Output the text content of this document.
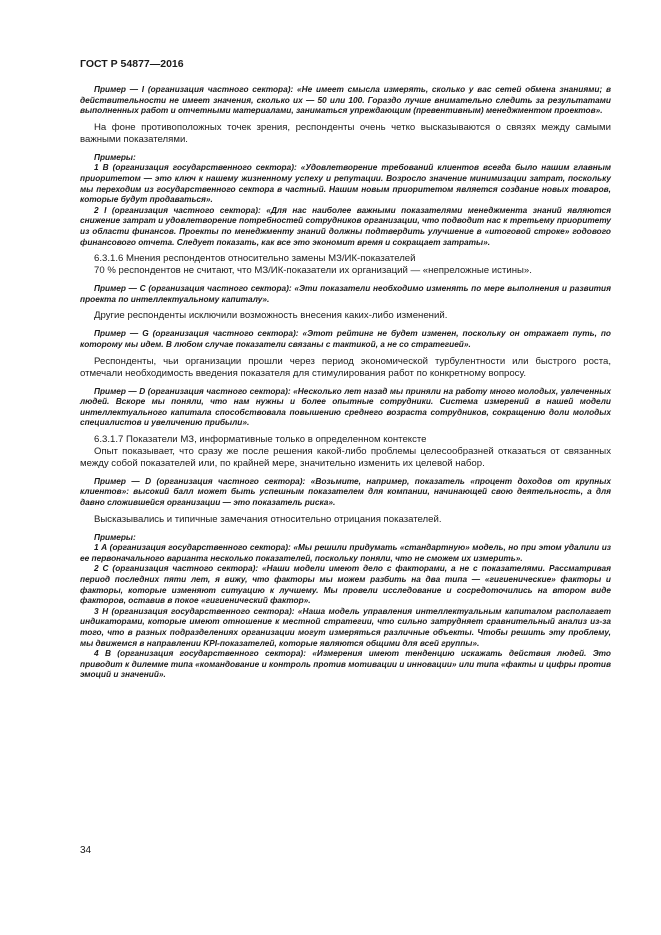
ГОСТ Р 54877—2016

Пример — I (организация частного сектора): «Не имеет смысла измерять, сколько у вас сетей обмена знаниями; в действительности не имеет значения, сколько их — 50 или 100. Гораздо лучше внимательно следить за результатами выполненных работ и отчетными материалами, заниматься упреждающим (превентивным) менеджментом проектов».

На фоне противоположных точек зрения, респонденты очень четко высказываются о связях между самыми важными показателями.

Примеры:

1 В (организация государственного сектора): «Удовлетворение требований клиентов всегда было нашим главным приоритетом — это ключ к нашему жизненному успеху и репутации. Возросло значение минимизации затрат, поскольку мы переходим из государственного сектора в частный. Нашим новым приоритетом является создание новых товаров, которые будут продаваться».

2 I (организация частного сектора): «Для нас наиболее важными показателями менеджмента знаний являются снижение затрат и удовлетворение потребностей сотрудников организации, что подводит нас к третьему приоритету из области финансов. Проекты по менеджменту знаний должны подтвердить улучшение в «итоговой строке» годового финансового отчета. Следует показать, как все это экономит время и сокращает затраты».

6.3.1.6 Мнения респондентов относительно замены МЗ/ИК-показателей

70 % респондентов не считают, что МЗ/ИК-показатели их организаций — «непреложные истины».

Пример — С (организация частного сектора): «Эти показатели необходимо изменять по мере выполнения и развития проекта по интеллектуальному капиталу».

Другие респонденты исключили возможность внесения каких-либо изменений.

Пример — G (организация частного сектора): «Этот рейтинг не будет изменен, поскольку он отражает путь, по которому мы идем. В любом случае показатели связаны с тактикой, а не со стратегией».

Респонденты, чьи организации прошли через период экономической турбулентности или быстрого роста, отмечали необходимость введения показателя для стимулирования работ по конкретному вопросу.

Пример — D (организация частного сектора): «Несколько лет назад мы приняли на работу много молодых, увлеченных людей. Вскоре мы поняли, что нам нужны и более опытные сотрудники. Система измерений в нашей модели интеллектуального капитала способствовала повышению среднего возраста сотрудников, сокращению доли молодых специалистов и увеличению прибыли».

6.3.1.7 Показатели МЗ, информативные только в определенном контексте

Опыт показывает, что сразу же после решения какой-либо проблемы целесообразней отказаться от связанных между собой показателей или, по крайней мере, значительно изменить их целевой набор.

Пример — D (организация частного сектора): «Возьмите, например, показатель «процент доходов от крупных клиентов»: высокий балл может быть успешным показателем для компании, начинающей свою деятельность, а для давно сложившейся организации — это показатель риска».

Высказывались и типичные замечания относительно отрицания показателей.

Примеры:

1 А (организация государственного сектора): «Мы решили придумать «стандартную» модель, но при этом удалили из ее первоначального варианта несколько показателей, поскольку поняли, что не сможем их измерить».

2 С (организация частного сектора): «Наши модели имеют дело с факторами, а не с показателями. Рассматривая период последних пяти лет, я вижу, что факторы мы можем разбить на два типа — «гигиенические» факторы и факторы, которые изменяют ситуацию к лучшему. Мы провели исследование и сосредоточились на втором виде факторов, оставив в покое «гигиенический фактор».

3 Н (организация государственного сектора): «Наша модель управления интеллектуальным капиталом располагает индикаторами, которые имеют отношение к местной стратегии, что сильно затрудняет сравнительный анализ из-за того, что в разных подразделениях организации могут измеряться различные объекты. Чтобы решить эту проблему, мы движемся в направлении KPI-показателей, которые являются общими для всей группы».

4 В (организация государственного сектора): «Измерения имеют тенденцию искажать действия людей. Это приводит к дилемме типа «командование и контроль против мотивации и инновации» или типа «факты и цифры против эмоций и значений».

34
